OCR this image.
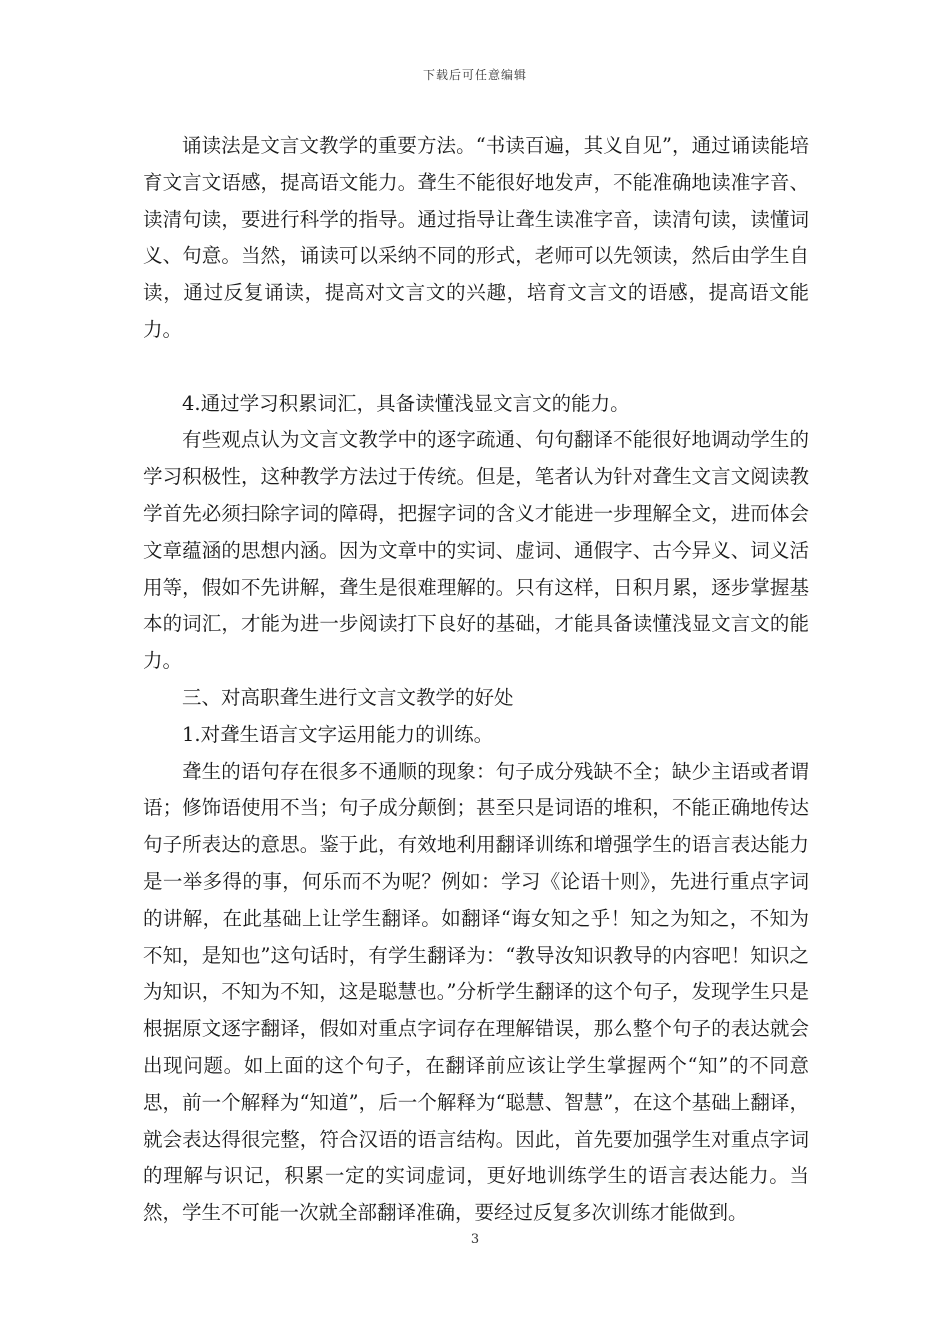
下载后可任意编辑

诵读法是文言文教学的重要方法。“书读百遍，其义自见”，通过诵读能培育文言文语感，提高语文能力。聋生不能很好地发声，不能准确地读准字音、读清句读，要进行科学的指导。通过指导让聋生读准字音，读清句读，读懂词义、句意。当然，诵读可以采纳不同的形式，老师可以先领读，然后由学生自读，通过反复诵读，提高对文言文的兴趣，培育文言文的语感，提高语文能力。

4.通过学习积累词汇，具备读懂浅显文言文的能力。

有些观点认为文言文教学中的逐字疏通、句句翻译不能很好地调动学生的学习积极性，这种教学方法过于传统。但是，笔者认为针对聋生文言文阅读教学首先必须扫除字词的障碍，把握字词的含义才能进一步理解全文，进而体会文章蕴涵的思想内涵。因为文章中的实词、虚词、通假字、古今异义、词义活用等，假如不先讲解，聋生是很难理解的。只有这样，日积月累，逐步掌握基本的词汇，才能为进一步阅读打下良好的基础，才能具备读懂浅显文言文的能力。

三、对高职聋生进行文言文教学的好处

1.对聋生语言文字运用能力的训练。

聋生的语句存在很多不通顺的现象：句子成分残缺不全；缺少主语或者谓语；修饰语使用不当；句子成分颠倒；甚至只是词语的堆积，不能正确地传达句子所表达的意思。鉴于此，有效地利用翻译训练和增强学生的语言表达能力是一举多得的事，何乐而不为呢？例如：学习《论语十则》，先进行重点字词的讲解，在此基础上让学生翻译。如翻译“诲女知之乎！知之为知之，不知为不知，是知也”这句话时，有学生翻译为：“教导汝知识教导的内容吧！知识之为知识，不知为不知，这是聪慧也。”分析学生翻译的这个句子，发现学生只是根据原文逐字翻译，假如对重点字词存在理解错误，那么整个句子的表达就会出现问题。如上面的这个句子，在翻译前应该让学生掌握两个“知”的不同意思，前一个解释为“知道”，后一个解释为“聪慧、智慧”，在这个基础上翻译，就会表达得很完整，符合汉语的语言结构。因此，首先要加强学生对重点字词的理解与识记，积累一定的实词虚词，更好地训练学生的语言表达能力。当然，学生不可能一次就全部翻译准确，要经过反复多次训练才能做到。

3
